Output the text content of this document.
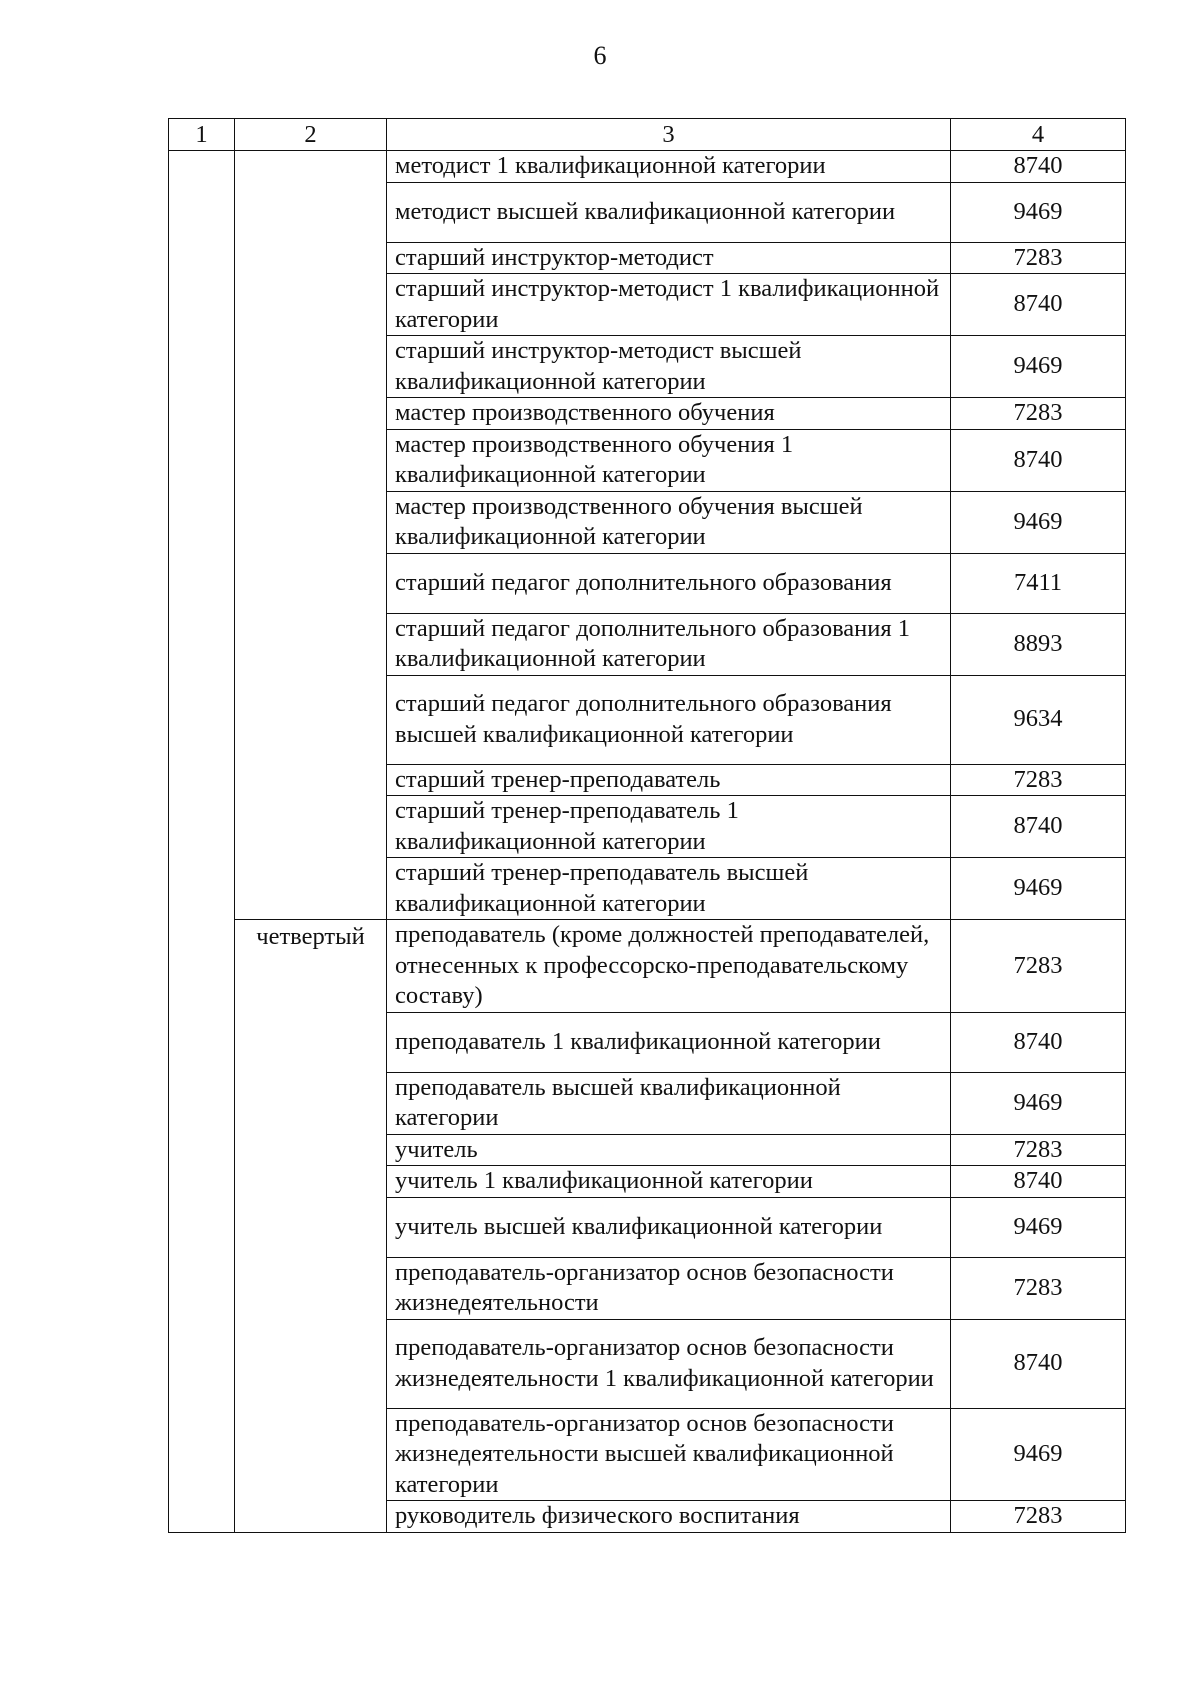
6
1	2	3	4
		методист 1 квалификационной категории	8740
		методист высшей квалификационной категории	9469
		старший инструктор-методист	7283
		старший инструктор-методист 1 квалификационной категории	8740
		старший инструктор-методист высшей квалификационной категории	9469
		мастер производственного обучения	7283
		мастер производственного обучения 1 квалификационной категории	8740
		мастер производственного обучения высшей квалификационной категории	9469
		старший педагог дополнительного образования	7411
		старший педагог дополнительного образования 1 квалификационной категории	8893
		старший педагог дополнительного образования высшей квалификационной категории	9634
		старший тренер-преподаватель	7283
		старший тренер-преподаватель 1 квалификационной категории	8740
		старший тренер-преподаватель высшей квалификационной категории	9469
	четвертый	преподаватель (кроме должностей преподавателей, отнесенных к профессорско-преподавательскому составу)	7283
		преподаватель 1 квалификационной категории	8740
		преподаватель высшей квалификационной категории	9469
		учитель	7283
		учитель 1 квалификационной категории	8740
		учитель высшей квалификационной категории	9469
		преподаватель-организатор основ безопасности жизнедеятельности	7283
		преподаватель-организатор основ безопасности жизнедеятельности 1 квалификационной категории	8740
		преподаватель-организатор основ безопасности жизнедеятельности высшей квалификационной категории	9469
		руководитель физического воспитания	7283
